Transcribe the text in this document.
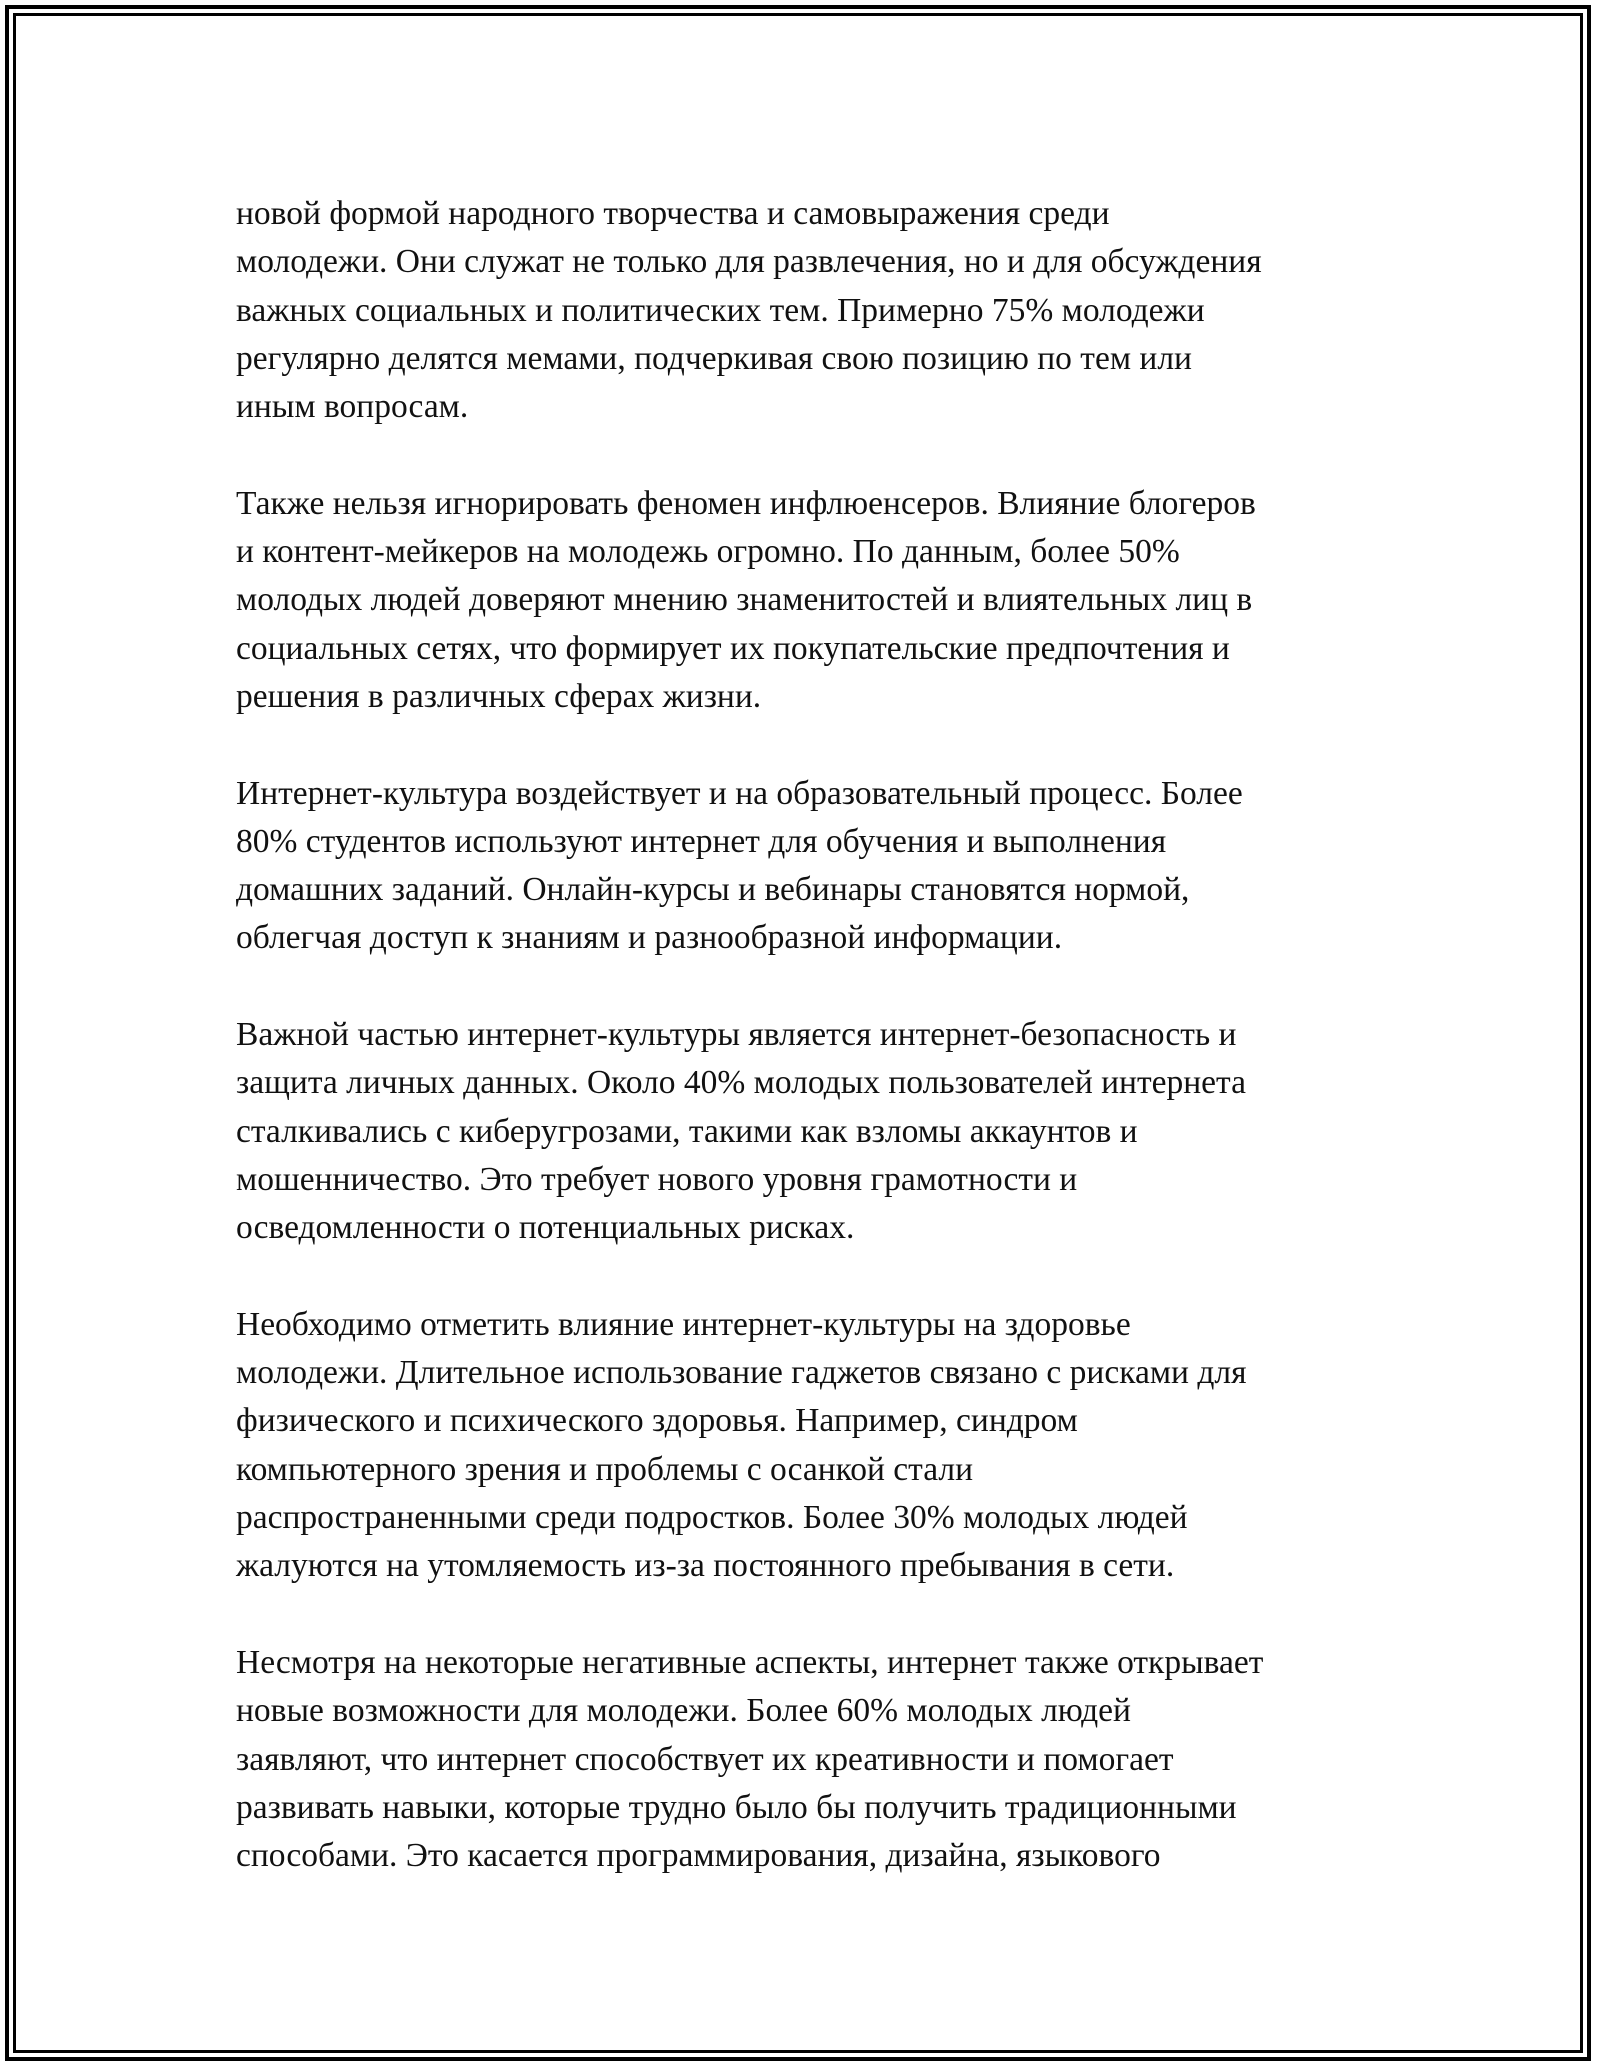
новой формой народного творчества и самовыражения среди
молодежи. Они служат не только для развлечения, но и для обсуждения
важных социальных и политических тем. Примерно 75% молодежи
регулярно делятся мемами, подчеркивая свою позицию по тем или
иным вопросам.

Также нельзя игнорировать феномен инфлюенсеров. Влияние блогеров
и контент-мейкеров на молодежь огромно. По данным, более 50%
молодых людей доверяют мнению знаменитостей и влиятельных лиц в
социальных сетях, что формирует их покупательские предпочтения и
решения в различных сферах жизни.

Интернет-культура воздействует и на образовательный процесс. Более
80% студентов используют интернет для обучения и выполнения
домашних заданий. Онлайн-курсы и вебинары становятся нормой,
облегчая доступ к знаниям и разнообразной информации.

Важной частью интернет-культуры является интернет-безопасность и
защита личных данных. Около 40% молодых пользователей интернета
сталкивались с киберугрозами, такими как взломы аккаунтов и
мошенничество. Это требует нового уровня грамотности и
осведомленности о потенциальных рисках.

Необходимо отметить влияние интернет-культуры на здоровье
молодежи. Длительное использование гаджетов связано с рисками для
физического и психического здоровья. Например, синдром
компьютерного зрения и проблемы с осанкой стали
распространенными среди подростков. Более 30% молодых людей
жалуются на утомляемость из-за постоянного пребывания в сети.

Несмотря на некоторые негативные аспекты, интернет также открывает
новые возможности для молодежи. Более 60% молодых людей
заявляют, что интернет способствует их креативности и помогает
развивать навыки, которые трудно было бы получить традиционными
способами. Это касается программирования, дизайна, языкового
